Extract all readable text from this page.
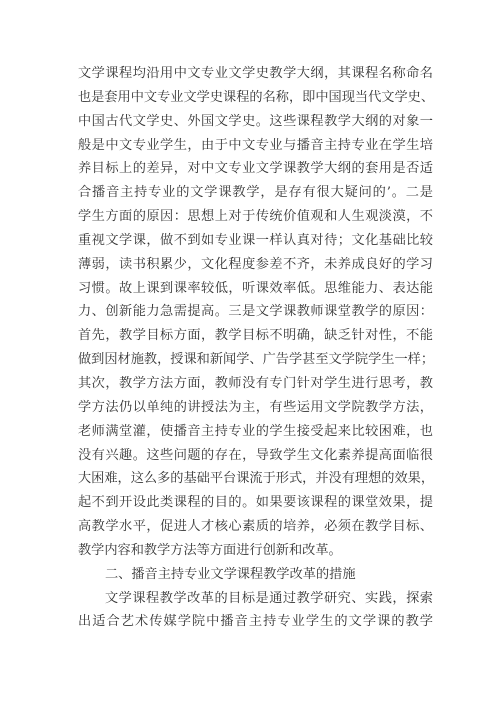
文学课程均沿用中文专业文学史教学大纲，其课程名称命名
也是套用中文专业文学史课程的名称，即中国现当代文学史、
中国古代文学史、外国文学史。这些课程教学大纲的对象一
般是中文专业学生，由于中文专业与播音主持专业在学生培
养目标上的差异，对中文专业文学课教学大纲的套用是否适
合播音主持专业的文学课教学，是存有很大疑问的’。二是
学生方面的原因：思想上对于传统价值观和人生观淡漠，不
重视文学课，做不到如专业课一样认真对待；文化基础比较
薄弱，读书积累少，文化程度参差不齐，未养成良好的学习
习惯。故上课到课率较低，听课效率低。思维能力、表达能
力、创新能力急需提高。三是文学课教师课堂教学的原因：
首先，教学目标方面，教学目标不明确，缺乏针对性，不能
做到因材施教，授课和新闻学、广告学甚至文学院学生一样；
其次，教学方法方面，教师没有专门针对学生进行思考，教
学方法仍以单纯的讲授法为主，有些运用文学院教学方法，
老师满堂灌，使播音主持专业的学生接受起来比较困难，也
没有兴趣。这些问题的存在，导致学生文化素养提高面临很
大困难，这么多的基础平台课流于形式，并没有理想的效果，
起不到开设此类课程的目的。如果要该课程的课堂效果，提
高教学水平，促进人才核心素质的培养，必须在教学目标、
教学内容和教学方法等方面进行创新和改革。
二、播音主持专业文学课程教学改革的措施
文学课程教学改革的目标是通过教学研究、实践，探索
出适合艺术传媒学院中播音主持专业学生的文学课的教学
